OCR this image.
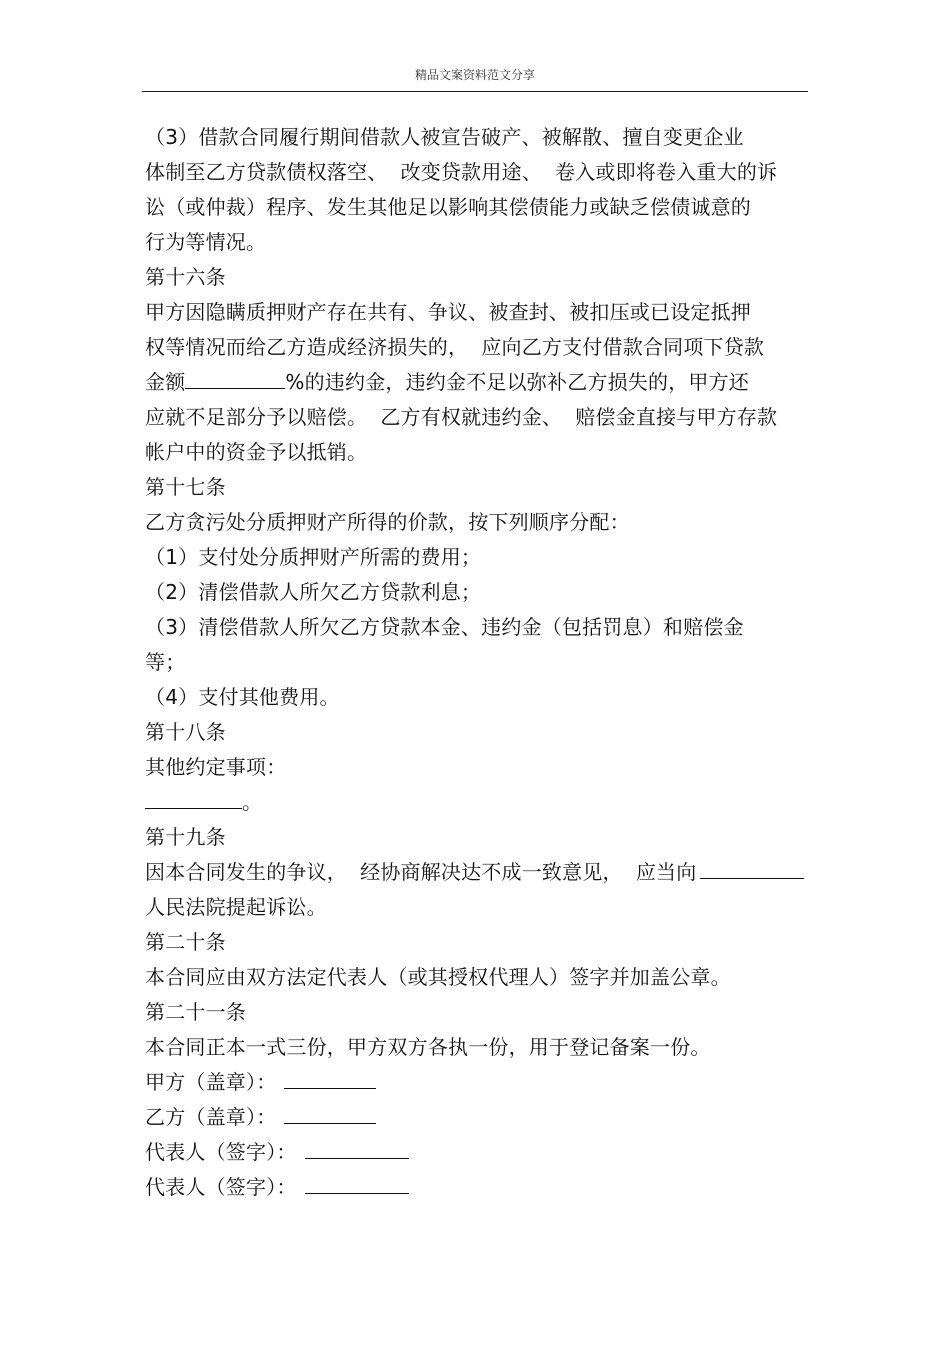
精品文案资料范文分享
（3）借款合同履行期间借款人被宣告破产、被解散、擅自变更企业
体制至乙方贷款债权落空、  改变贷款用途、  卷入或即将卷入重大的诉
讼（或仲裁）程序、发生其他足以影响其偿债能力或缺乏偿债诚意的
行为等情况。
第十六条
甲方因隐瞒质押财产存在共有、争议、被查封、被扣压或已设定抵押
权等情况而给乙方造成经济损失的，  应向乙方支付借款合同项下贷款
金额	%的违约金，违约金不足以弥补乙方损失的，甲方还
应就不足部分予以赔偿。  乙方有权就违约金、  赔偿金直接与甲方存款
帐户中的资金予以抵销。
第十七条
乙方贪污处分质押财产所得的价款，按下列顺序分配：
（1）支付处分质押财产所需的费用；
（2）清偿借款人所欠乙方贷款利息；
（3）清偿借款人所欠乙方贷款本金、违约金（包括罚息）和赔偿金
等；
（4）支付其他费用。
第十八条
其他约定事项：
。
第十九条
因本合同发生的争议，  经协商解决达不成一致意见，  应当向
人民法院提起诉讼。
第二十条
本合同应由双方法定代表人（或其授权代理人）签字并加盖公章。
第二十一条
本合同正本一式三份，甲方双方各执一份，用于登记备案一份。
甲方（盖章）：
乙方（盖章）：
代表人（签字）：
代表人（签字）：
